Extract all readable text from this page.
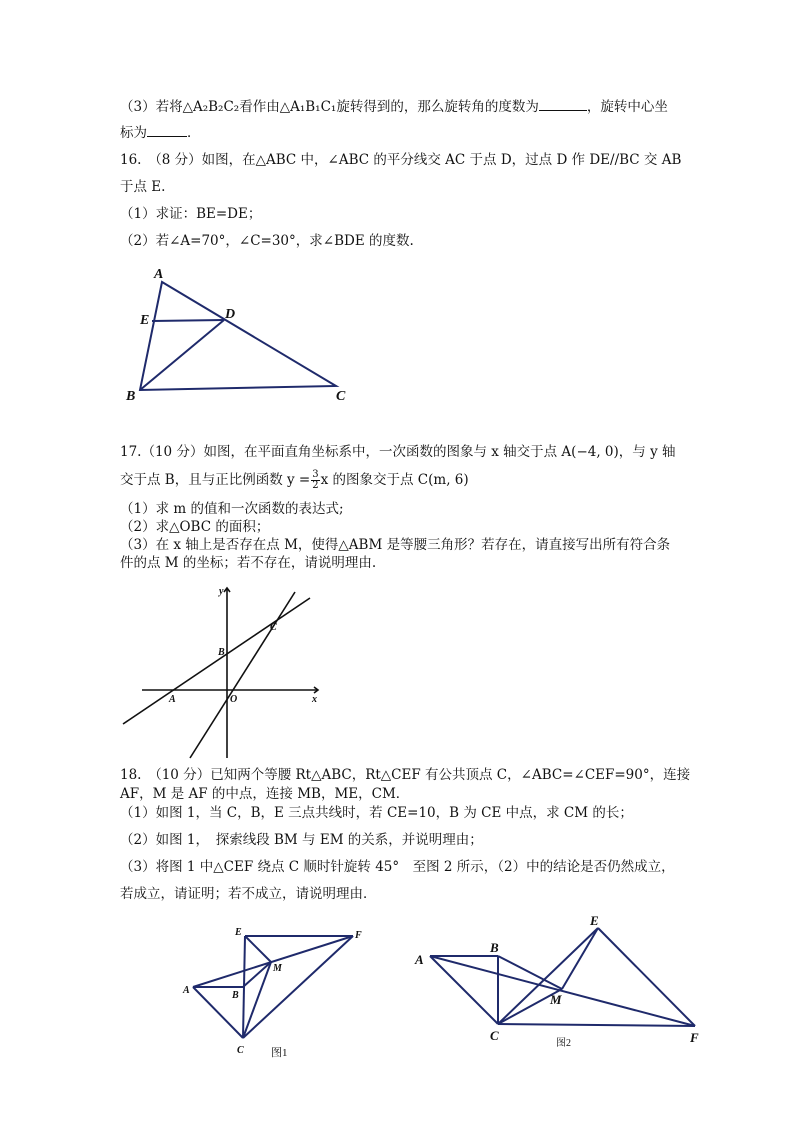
（3）若将△A₂B₂C₂看作由△A₁B₁C₁旋转得到的，那么旋转角的度数为	，旋转中心坐
标为	．
16.　（8 分）如图，在△ABC 中，∠ABC 的平分线交 AC 于点 D，过点 D 作 DE//BC 交 AB
于点 E.
（1）求证：BE=DE；
（2）若∠A=70°，∠C=30°，求∠BDE 的度数.
A
B	C
D
E
17.（10 分）如图，在平面直角坐标系中，一次函数的图象与 x 轴交于点 A(−4, 0)，与 y 轴
交于点 B，且与正比例函数 $y = \frac{3}{2}$ x 的图象交于点 C(m, 6)
（1）求 m 的值和一次函数的表达式;
（2）求△OBC 的面积；
（3）在 x 轴上是否存在点 M，使得△ABM 是等腰三角形？若存在，请直接写出所有符合条
件的点 M 的坐标；若不存在，请说明理由.
y
x
O
A
B
C
18.　（10 分）已知两个等腰 Rt△ABC，Rt△CEF 有公共顶点 C，∠ABC=∠CEF=90°，连接
AF，M 是 AF 的中点，连接 MB，ME，CM．
（1）如图 1，当 C，B，E 三点共线时，若 CE=10，B 为 CE 中点，求 CM 的长；
（2）如图 1，　探索线段 BM 与 EM 的关系，并说明理由；
（3）将图 1 中△CEF 绕点 C 顺时针旋转 45°　至图 2 所示，（2）中的结论是否仍然成立，
若成立，请证明；若不成立，请说明理由．
E	F
A	B
M
C 图1
A
B
E
M
C	F
图2
